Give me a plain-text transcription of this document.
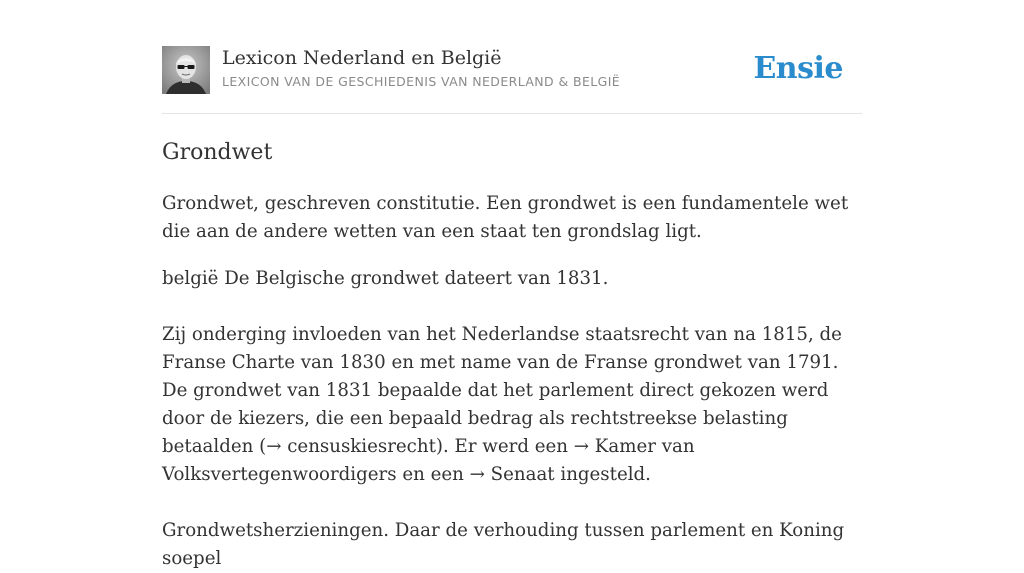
Lexicon Nederland en België
LEXICON VAN DE GESCHIEDENIS VAN NEDERLAND & BELGIË	Ensie
Grondwet

Grondwet, geschreven constitutie. Een grondwet is een fundamentele wet die aan de andere wetten van een staat ten grondslag ligt.

belgië De Belgische grondwet dateert van 1831.

Zij onderging invloeden van het Nederlandse staatsrecht van na 1815, de Franse Charte van 1830 en met name van de Franse grondwet van 1791. De grondwet van 1831 bepaalde dat het parlement direct gekozen werd door de kiezers, die een bepaald bedrag als rechtstreekse belasting betaalden (→ censuskiesrecht). Er werd een → Kamer van Volksvertegenwoordigers en een → Senaat ingesteld.

Grondwetsherzieningen. Daar de verhouding tussen parlement en Koning soepel
